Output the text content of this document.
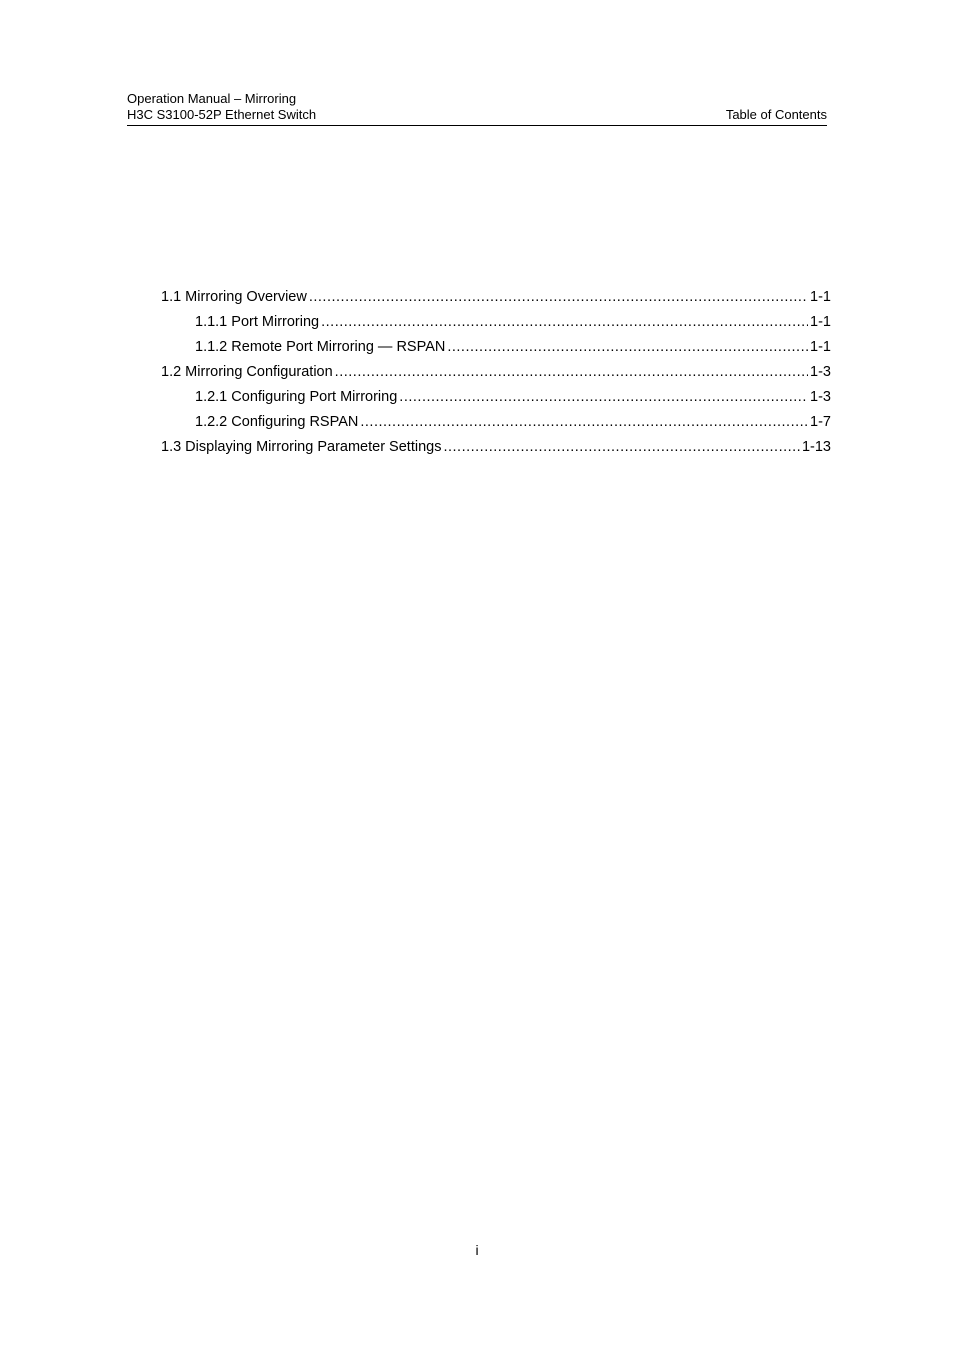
Operation Manual – Mirroring
H3C S3100-52P Ethernet Switch	Table of Contents
1.1 Mirroring Overview .....	1-1
1.1.1 Port Mirroring .....	1-1
1.1.2 Remote Port Mirroring — RSPAN .....	1-1
1.2 Mirroring Configuration .....	1-3
1.2.1 Configuring Port Mirroring .....	1-3
1.2.2 Configuring RSPAN .....	1-7
1.3 Displaying Mirroring Parameter Settings .....	1-13
i
